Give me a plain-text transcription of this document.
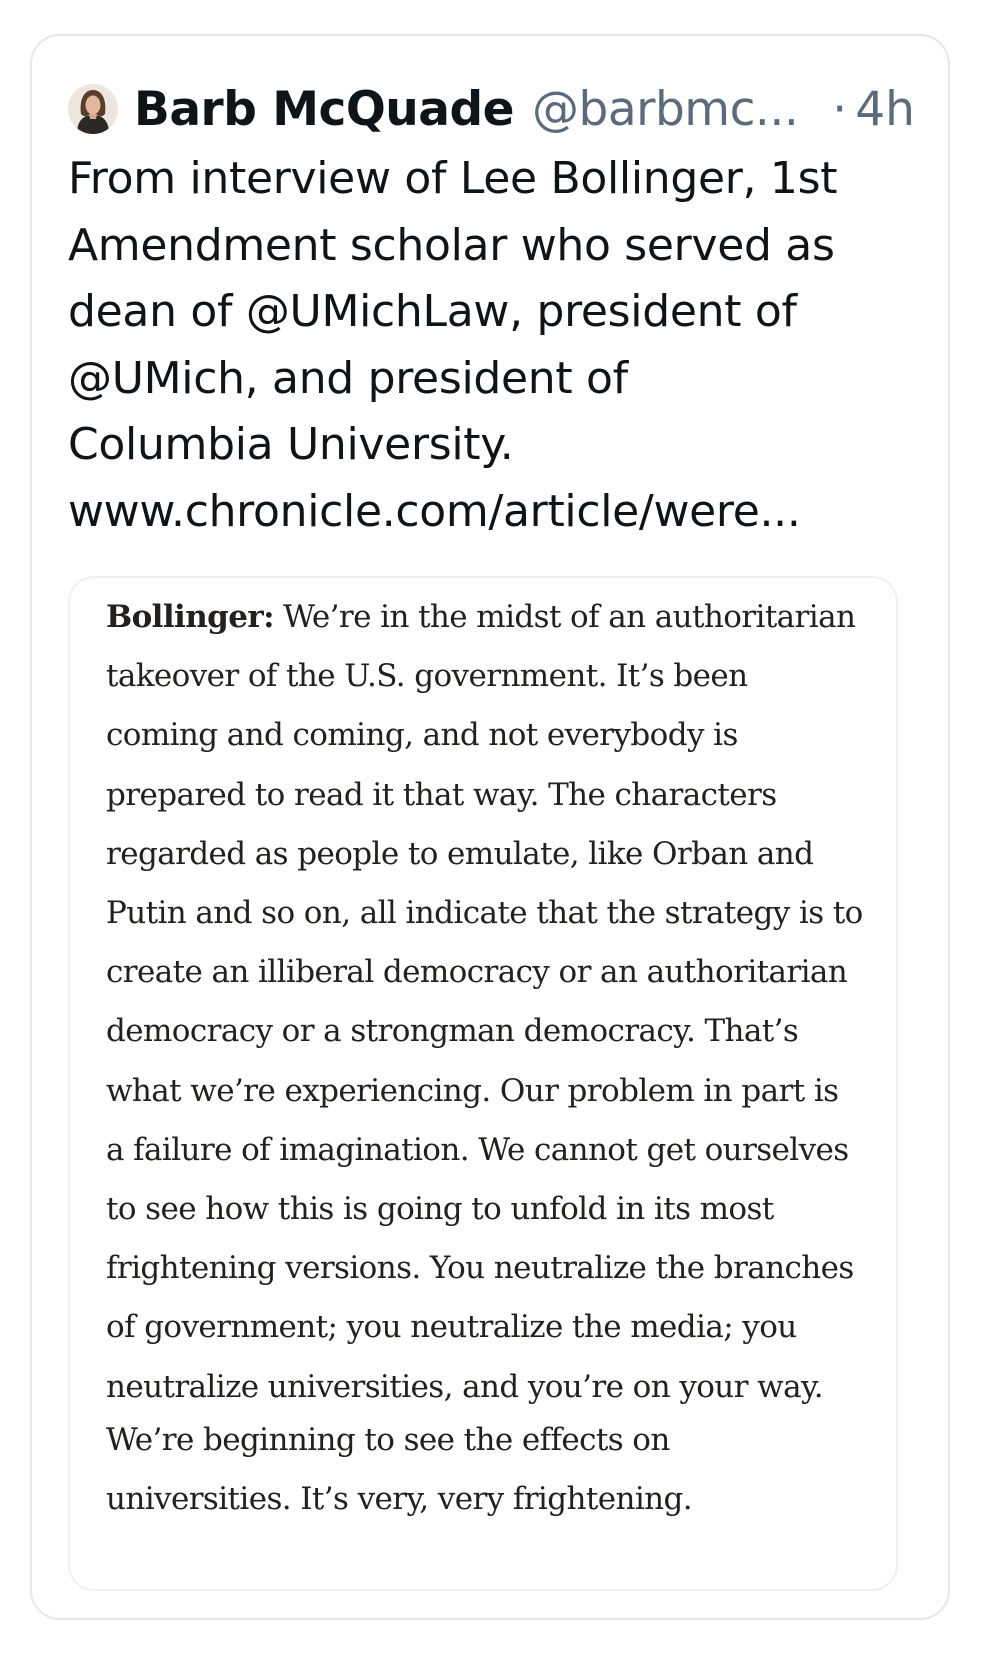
Barb McQuade @barbmc... · 4h

From interview of Lee Bollinger, 1st
Amendment scholar who served as
dean of @UMichLaw, president of
@UMich, and president of
Columbia University.
www.chronicle.com/article/were...

Bollinger: We’re in the midst of an authoritarian
takeover of the U.S. government. It’s been
coming and coming, and not everybody is
prepared to read it that way. The characters
regarded as people to emulate, like Orban and
Putin and so on, all indicate that the strategy is to
create an illiberal democracy or an authoritarian
democracy or a strongman democracy. That’s
what we’re experiencing. Our problem in part is
a failure of imagination. We cannot get ourselves
to see how this is going to unfold in its most
frightening versions. You neutralize the branches
of government; you neutralize the media; you
neutralize universities, and you’re on your way.

We’re beginning to see the effects on
universities. It’s very, very frightening.
